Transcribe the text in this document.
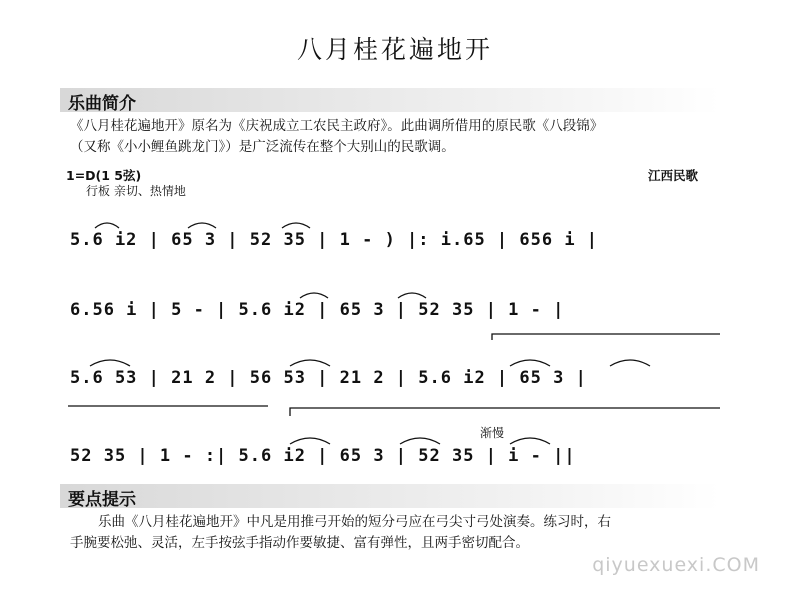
八月桂花遍地开
乐曲简介
《八月桂花遍地开》原名为《庆祝成立工农民主政府》。此曲调所借用的原民歌《八段锦》
（又称《小小鲤鱼跳龙门》）是广泛流传在整个大别山的民歌调。
1=D(1 5弦)
行板 亲切、热情地
江西民歌
5.6 i2 | 65 3 | 52 35 | 1 - ) |: i.65 | 656 i |
6.56 i | 5 - | 5.6 i2 | 65 3 | 52 35 | 1 - |
5.6 53 | 21 2 | 56 53 | 21 2 | 5.6 i2 | 65 3 |
52 35 | 1 - :| 5.6 i2 | 65 3 | 52 35 | i - ||
渐慢
要点提示
乐曲《八月桂花遍地开》中凡是用推弓开始的短分弓应在弓尖寸弓处演奏。练习时，右
手腕要松弛、灵活，左手按弦手指动作要敏捷、富有弹性，且两手密切配合。
qiyuexuexi.COM
